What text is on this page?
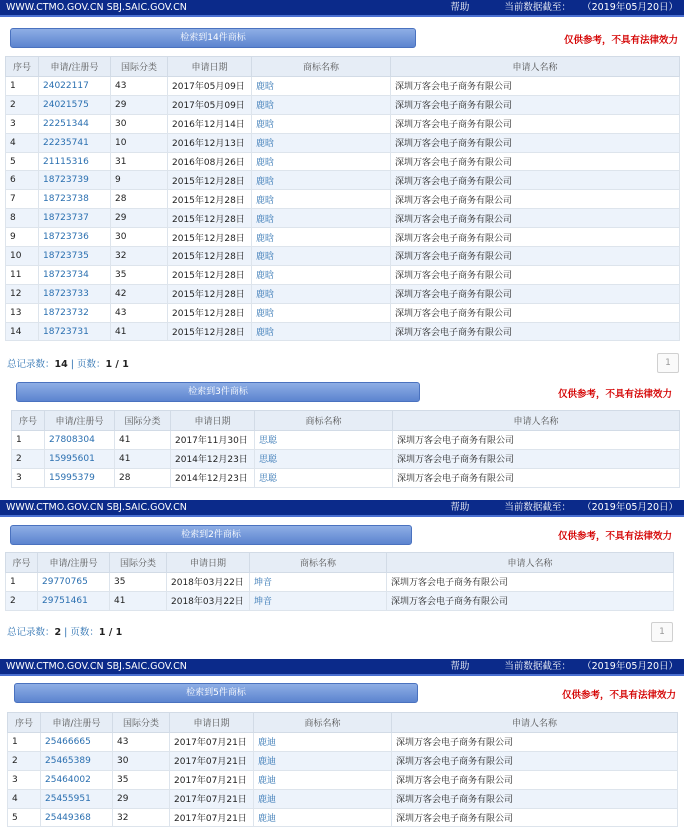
WWW.CTMO.GOV.CN SBJ.SAIC.GOV.CN	帮助	当前数据截至： （2019年05月20日）
检索到14件商标	仅供参考，不具有法律效力
序号	申请/注册号	国际分类	申请日期	商标名称	申请人名称
1	24022117	43	2017年05月09日	鹿晗	深圳万客会电子商务有限公司
2	24021575	29	2017年05月09日	鹿晗	深圳万客会电子商务有限公司
3	22251344	30	2016年12月14日	鹿晗	深圳万客会电子商务有限公司
4	22235741	10	2016年12月13日	鹿晗	深圳万客会电子商务有限公司
5	21115316	31	2016年08月26日	鹿晗	深圳万客会电子商务有限公司
6	18723739	9	2015年12月28日	鹿晗	深圳万客会电子商务有限公司
7	18723738	28	2015年12月28日	鹿晗	深圳万客会电子商务有限公司
8	18723737	29	2015年12月28日	鹿晗	深圳万客会电子商务有限公司
9	18723736	30	2015年12月28日	鹿晗	深圳万客会电子商务有限公司
10	18723735	32	2015年12月28日	鹿晗	深圳万客会电子商务有限公司
11	18723734	35	2015年12月28日	鹿晗	深圳万客会电子商务有限公司
12	18723733	42	2015年12月28日	鹿晗	深圳万客会电子商务有限公司
13	18723732	43	2015年12月28日	鹿晗	深圳万客会电子商务有限公司
14	18723731	41	2015年12月28日	鹿晗	深圳万客会电子商务有限公司
总记录数：14 | 页数：1 / 1	1
检索到3件商标	仅供参考，不具有法律效力
序号	申请/注册号	国际分类	申请日期	商标名称	申请人名称
1	27808304	41	2017年11月30日	思聪	深圳万客会电子商务有限公司
2	15995601	41	2014年12月23日	思聪	深圳万客会电子商务有限公司
3	15995379	28	2014年12月23日	思聪	深圳万客会电子商务有限公司
WWW.CTMO.GOV.CN SBJ.SAIC.GOV.CN	帮助	当前数据截至： （2019年05月20日）
检索到2件商标	仅供参考，不具有法律效力
序号	申请/注册号	国际分类	申请日期	商标名称	申请人名称
1	29770765	35	2018年03月22日	坤音	深圳万客会电子商务有限公司
2	29751461	41	2018年03月22日	坤音	深圳万客会电子商务有限公司
总记录数：2 | 页数：1 / 1	1
WWW.CTMO.GOV.CN SBJ.SAIC.GOV.CN	帮助	当前数据截至： （2019年05月20日）
检索到5件商标	仅供参考，不具有法律效力
序号	申请/注册号	国际分类	申请日期	商标名称	申请人名称
1	25466665	43	2017年07月21日	鹿迪	深圳万客会电子商务有限公司
2	25465389	30	2017年07月21日	鹿迪	深圳万客会电子商务有限公司
3	25464002	35	2017年07月21日	鹿迪	深圳万客会电子商务有限公司
4	25455951	29	2017年07月21日	鹿迪	深圳万客会电子商务有限公司
5	25449368	32	2017年07月21日	鹿迪	深圳万客会电子商务有限公司
